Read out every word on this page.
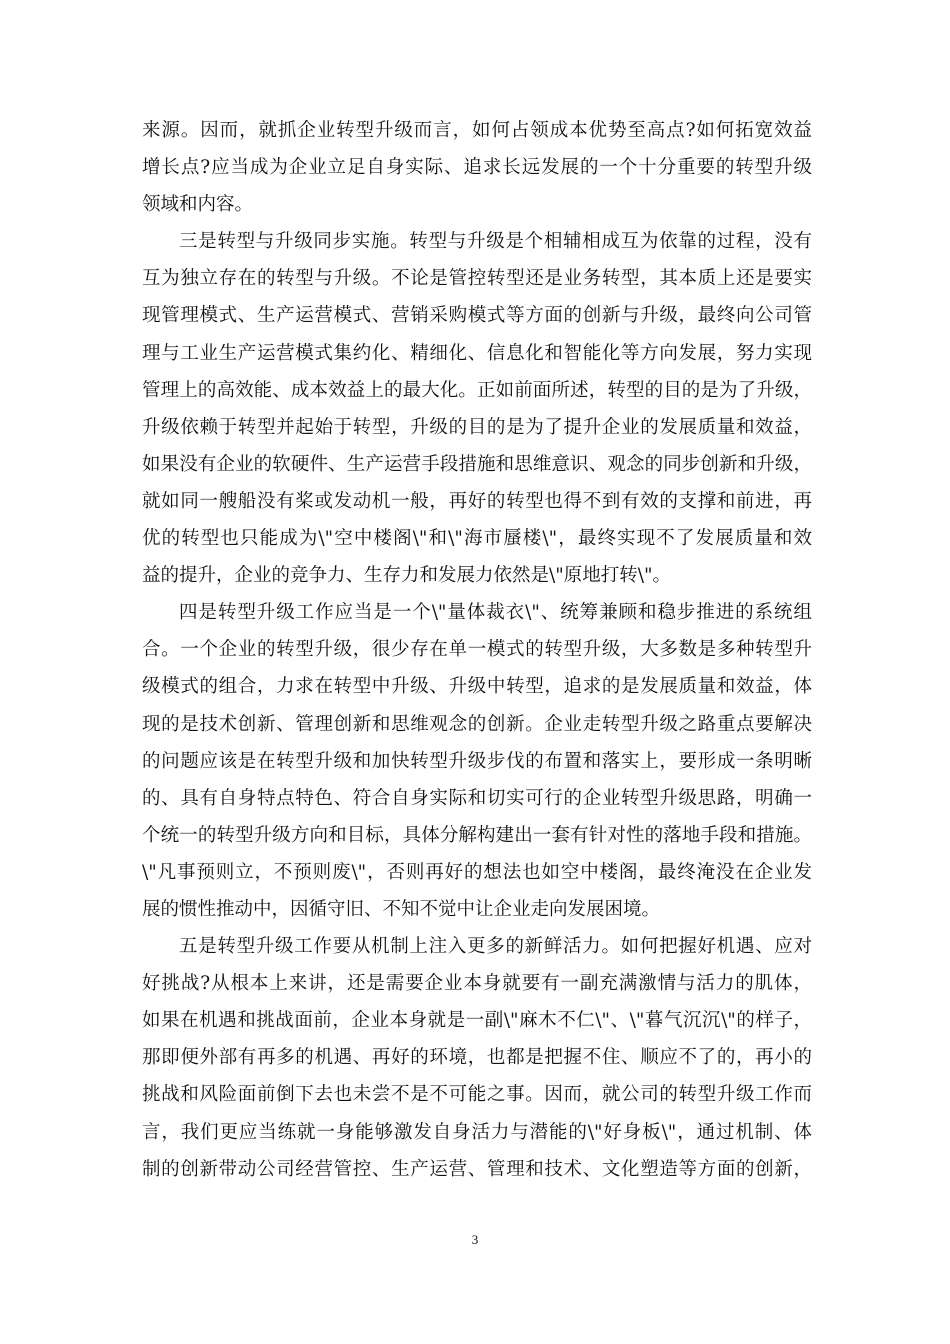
来源。因而，就抓企业转型升级而言，如何占领成本优势至高点?如何拓宽效益
增长点?应当成为企业立足自身实际、追求长远发展的一个十分重要的转型升级
领域和内容。
三是转型与升级同步实施。转型与升级是个相辅相成互为依靠的过程，没有
互为独立存在的转型与升级。不论是管控转型还是业务转型，其本质上还是要实
现管理模式、生产运营模式、营销采购模式等方面的创新与升级，最终向公司管
理与工业生产运营模式集约化、精细化、信息化和智能化等方向发展，努力实现
管理上的高效能、成本效益上的最大化。正如前面所述，转型的目的是为了升级，
升级依赖于转型并起始于转型，升级的目的是为了提升企业的发展质量和效益，
如果没有企业的软硬件、生产运营手段措施和思维意识、观念的同步创新和升级，
就如同一艘船没有桨或发动机一般，再好的转型也得不到有效的支撑和前进，再
优的转型也只能成为\"空中楼阁\"和\"海市蜃楼\"，最终实现不了发展质量和效
益的提升，企业的竞争力、生存力和发展力依然是\"原地打转\"。
四是转型升级工作应当是一个\"量体裁衣\"、统筹兼顾和稳步推进的系统组
合。一个企业的转型升级，很少存在单一模式的转型升级，大多数是多种转型升
级模式的组合，力求在转型中升级、升级中转型，追求的是发展质量和效益，体
现的是技术创新、管理创新和思维观念的创新。企业走转型升级之路重点要解决
的问题应该是在转型升级和加快转型升级步伐的布置和落实上，要形成一条明晰
的、具有自身特点特色、符合自身实际和切实可行的企业转型升级思路，明确一
个统一的转型升级方向和目标，具体分解构建出一套有针对性的落地手段和措施。
\"凡事预则立，不预则废\"，否则再好的想法也如空中楼阁，最终淹没在企业发
展的惯性推动中，因循守旧、不知不觉中让企业走向发展困境。
五是转型升级工作要从机制上注入更多的新鲜活力。如何把握好机遇、应对
好挑战?从根本上来讲，还是需要企业本身就要有一副充满激情与活力的肌体，
如果在机遇和挑战面前，企业本身就是一副\"麻木不仁\"、\"暮气沉沉\"的样子，
那即便外部有再多的机遇、再好的环境，也都是把握不住、顺应不了的，再小的
挑战和风险面前倒下去也未尝不是不可能之事。因而，就公司的转型升级工作而
言，我们更应当练就一身能够激发自身活力与潜能的\"好身板\"，通过机制、体
制的创新带动公司经营管控、生产运营、管理和技术、文化塑造等方面的创新，
3
